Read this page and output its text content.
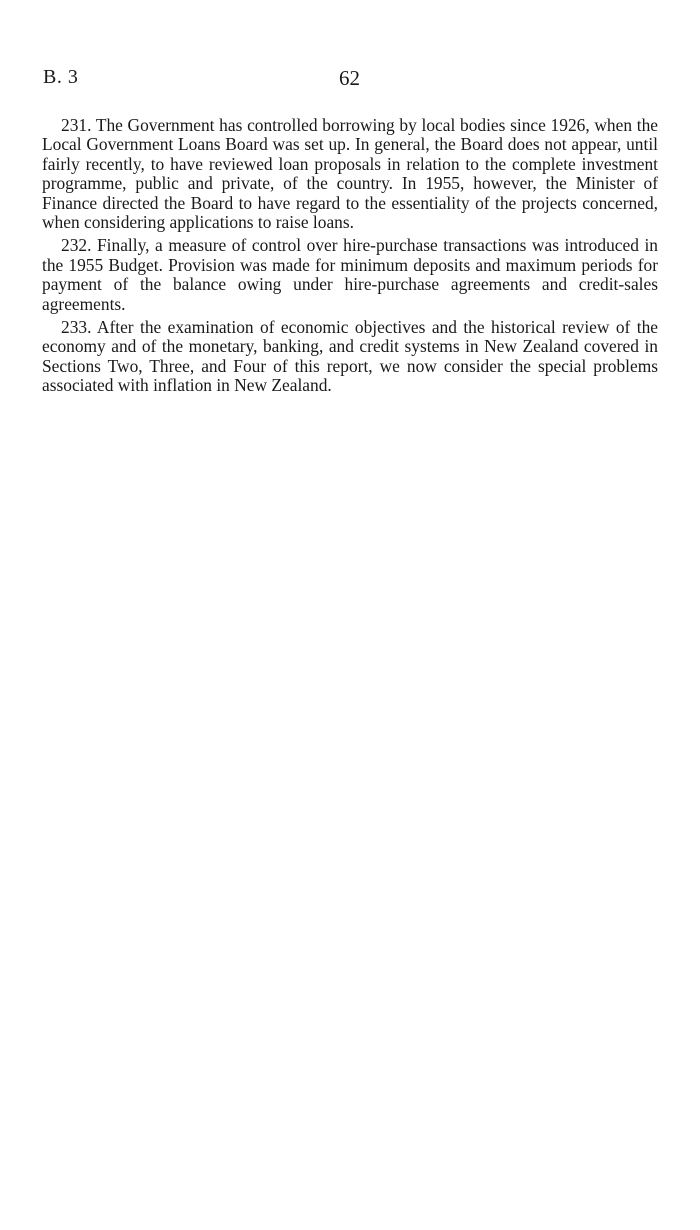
B. 3	62

231. The Government has controlled borrowing by local bodies since 1926, when the Local Government Loans Board was set up. In general, the Board does not appear, until fairly recently, to have reviewed loan proposals in relation to the complete investment programme, public and private, of the country. In 1955, however, the Minister of Finance directed the Board to have regard to the essentiality of the projects concerned, when considering applications to raise loans.

232. Finally, a measure of control over hire-purchase transactions was introduced in the 1955 Budget. Provision was made for minimum deposits and maximum periods for payment of the balance owing under hire-purchase agreements and credit-sales agreements.

233. After the examination of economic objectives and the historical review of the economy and of the monetary, banking, and credit systems in New Zealand covered in Sections Two, Three, and Four of this report, we now consider the special problems associated with inflation in New Zealand.
